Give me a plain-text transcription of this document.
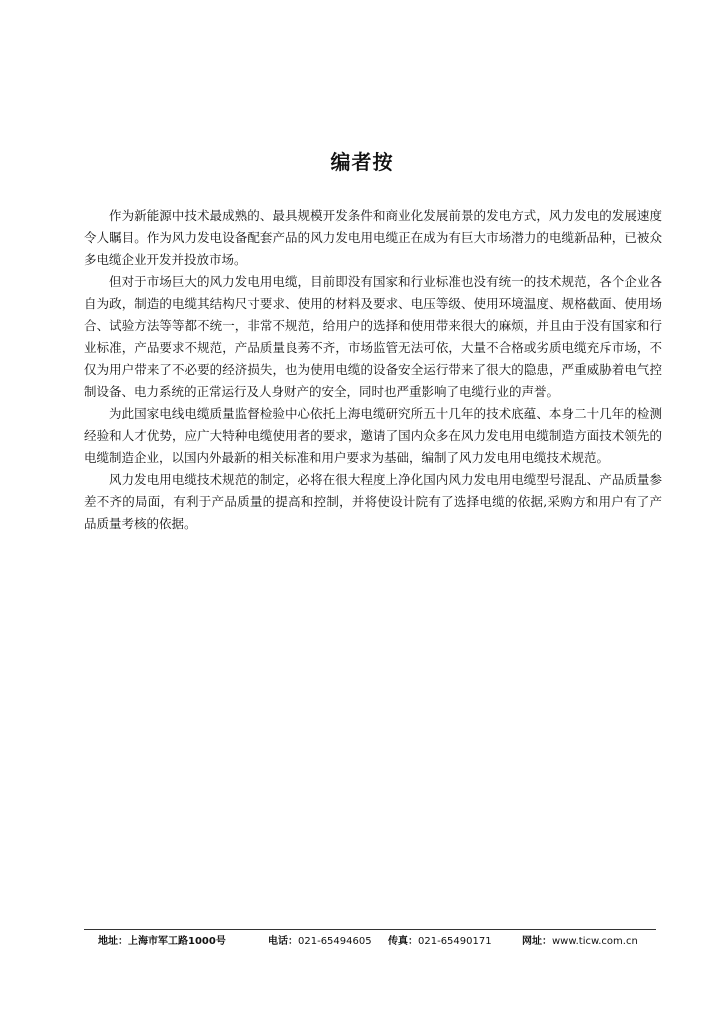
编者按

作为新能源中技术最成熟的、最具规模开发条件和商业化发展前景的发电方式，风力发电的发展速度令人瞩目。作为风力发电设备配套产品的风力发电用电缆正在成为有巨大市场潜力的电缆新品种，已被众多电缆企业开发并投放市场。

但对于市场巨大的风力发电用电缆，目前即没有国家和行业标准也没有统一的技术规范，各个企业各自为政，制造的电缆其结构尺寸要求、使用的材料及要求、电压等级、使用环境温度、规格截面、使用场合、试验方法等等都不统一，非常不规范，给用户的选择和使用带来很大的麻烦，并且由于没有国家和行业标准，产品要求不规范，产品质量良莠不齐，市场监管无法可依，大量不合格或劣质电缆充斥市场，不仅为用户带来了不必要的经济损失，也为使用电缆的设备安全运行带来了很大的隐患，严重威胁着电气控制设备、电力系统的正常运行及人身财产的安全，同时也严重影响了电缆行业的声誉。

为此国家电线电缆质量监督检验中心依托上海电缆研究所五十几年的技术底蕴、本身二十几年的检测经验和人才优势，应广大特种电缆使用者的要求，邀请了国内众多在风力发电用电缆制造方面技术领先的电缆制造企业，以国内外最新的相关标准和用户要求为基础，编制了风力发电用电缆技术规范。

风力发电用电缆技术规范的制定，必将在很大程度上净化国内风力发电用电缆型号混乱、产品质量参差不齐的局面，有利于产品质量的提高和控制，并将使设计院有了选择电缆的依据,采购方和用户有了产品质量考核的依据。

地址：上海市军工路1000号	电话：021-65494605 传真：021-65490171	网址：www.ticw.com.cn
